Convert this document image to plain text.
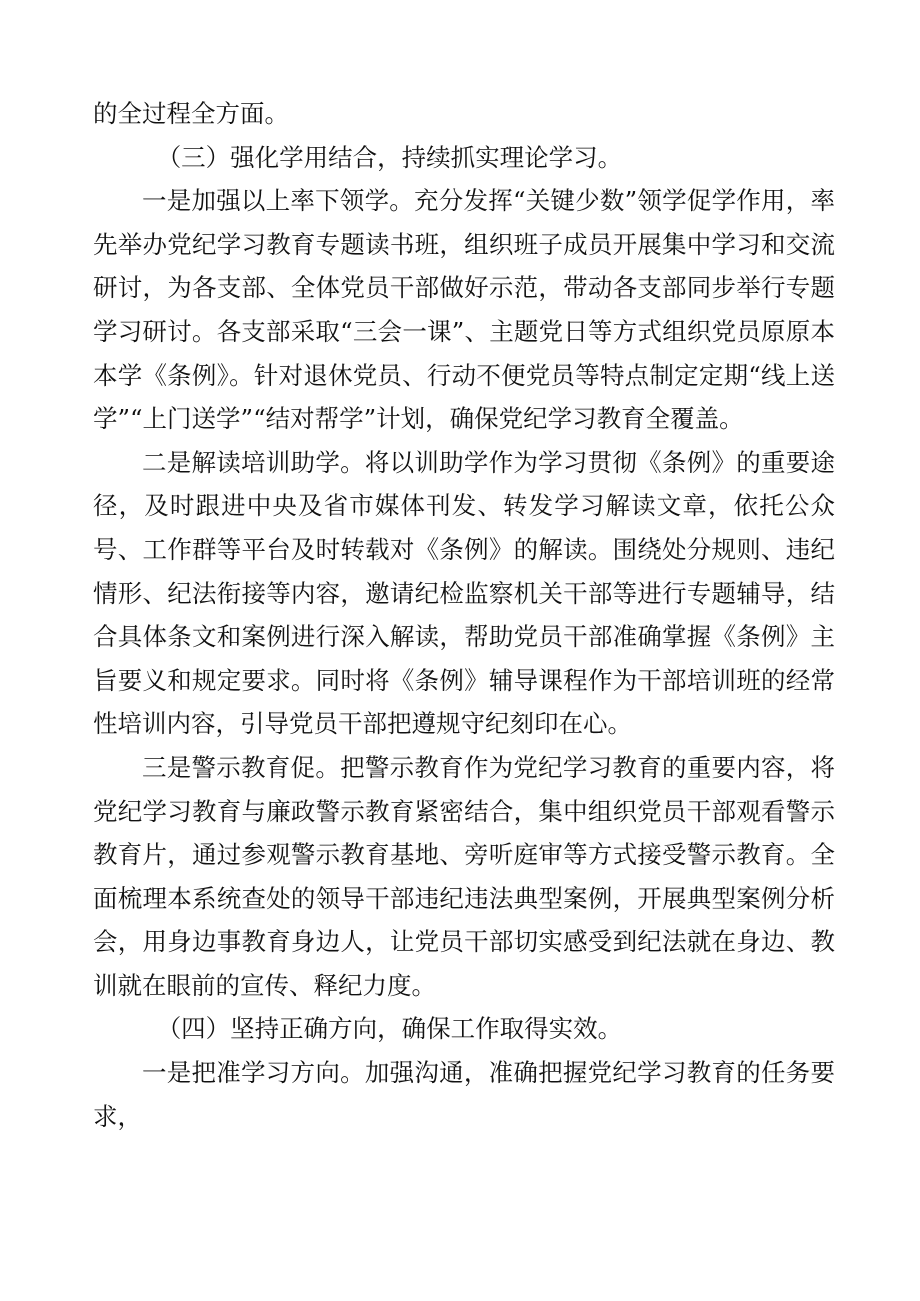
的全过程全方面。

（三）强化学用结合，持续抓实理论学习。

一是加强以上率下领学。充分发挥“关键少数”领学促学作用，率先举办党纪学习教育专题读书班，组织班子成员开展集中学习和交流研讨，为各支部、全体党员干部做好示范，带动各支部同步举行专题学习研讨。各支部采取“三会一课”、主题党日等方式组织党员原原本本学《条例》。针对退休党员、行动不便党员等特点制定定期“线上送学”“上门送学”“结对帮学”计划，确保党纪学习教育全覆盖。

二是解读培训助学。将以训助学作为学习贯彻《条例》的重要途径，及时跟进中央及省市媒体刊发、转发学习解读文章，依托公众号、工作群等平台及时转载对《条例》的解读。围绕处分规则、违纪情形、纪法衔接等内容，邀请纪检监察机关干部等进行专题辅导，结合具体条文和案例进行深入解读，帮助党员干部准确掌握《条例》主旨要义和规定要求。同时将《条例》辅导课程作为干部培训班的经常性培训内容，引导党员干部把遵规守纪刻印在心。

三是警示教育促。把警示教育作为党纪学习教育的重要内容，将党纪学习教育与廉政警示教育紧密结合，集中组织党员干部观看警示教育片，通过参观警示教育基地、旁听庭审等方式接受警示教育。全面梳理本系统查处的领导干部违纪违法典型案例，开展典型案例分析会，用身边事教育身边人，让党员干部切实感受到纪法就在身边、教训就在眼前的宣传、释纪力度。

（四）坚持正确方向，确保工作取得实效。

一是把准学习方向。加强沟通，准确把握党纪学习教育的任务要求，
